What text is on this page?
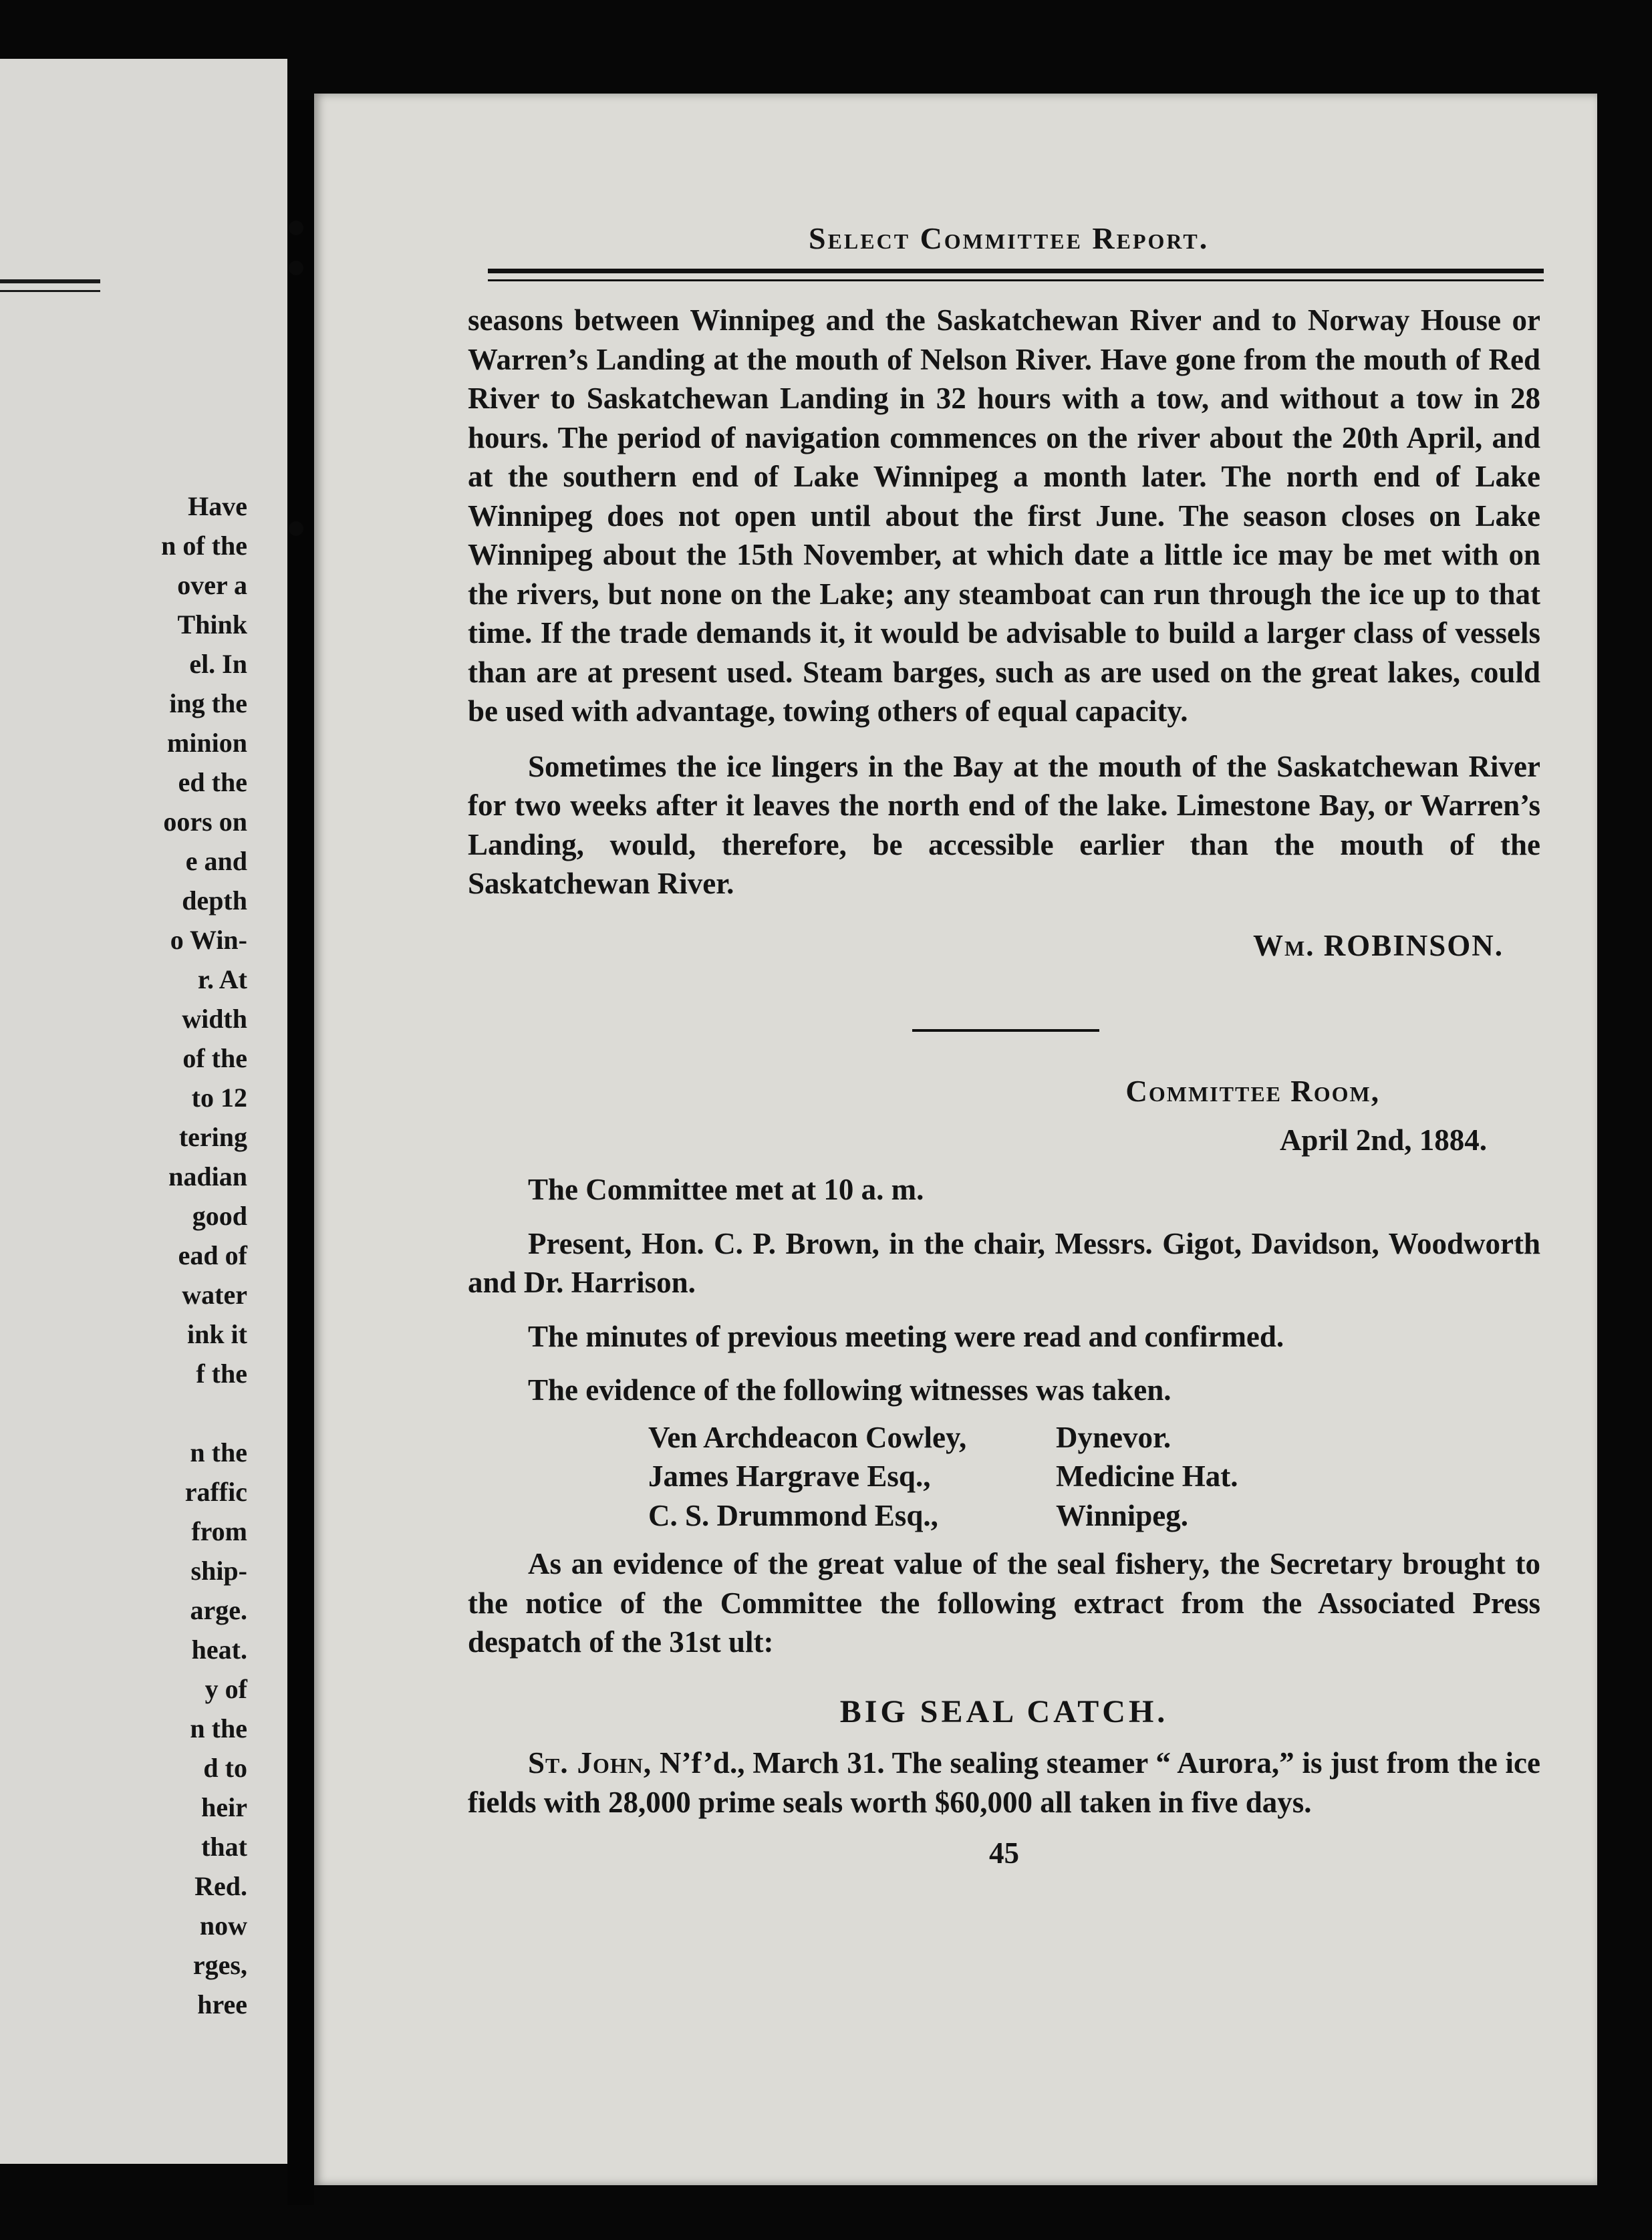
Have
n of the
over a
Think
el. In
ing the
minion
ed the
oors on
e and
depth
o Win-
r. At
width
of the
to 12
tering
nadian
good
ead of
water
ink it
f the
n the
raffic
from
ship-
arge.
heat.
y of
n the
d to
heir
that
Red.
now
rges,
hree
Select Committee Report.
seasons between Winnipeg and the Saskatchewan River and to Norway House or Warren’s Landing at the mouth of Nelson River. Have gone from the mouth of Red River to Saskatchewan Landing in 32 hours with a tow, and without a tow in 28 hours. The period of navigation commences on the river about the 20th April, and at the southern end of Lake Winnipeg a month later. The north end of Lake Winnipeg does not open until about the first June. The season closes on Lake Winnipeg about the 15th November, at which date a little ice may be met with on the rivers, but none on the Lake; any steamboat can run through the ice up to that time. If the trade demands it, it would be advisable to build a larger class of vessels than are at present used. Steam barges, such as are used on the great lakes, could be used with advantage, towing others of equal capacity.
Sometimes the ice lingers in the Bay at the mouth of the Saskatchewan River for two weeks after it leaves the north end of the lake. Limestone Bay, or Warren’s Landing, would, therefore, be accessible earlier than the mouth of the Saskatchewan River.
Wm. ROBINSON.
Committee Room,
April 2nd, 1884.
The Committee met at 10 a. m.
Present, Hon. C. P. Brown, in the chair, Messrs. Gigot, Davidson, Woodworth and Dr. Harrison.
The minutes of previous meeting were read and confirmed.
The evidence of the following witnesses was taken.
Ven Archdeacon Cowley,	Dynevor.
James Hargrave Esq.,	Medicine Hat.
C. S. Drummond Esq.,	Winnipeg.
As an evidence of the great value of the seal fishery, the Secretary brought to the notice of the Committee the following extract from the Associated Press despatch of the 31st ult:
BIG SEAL CATCH.
St. John, N’f’d., March 31. The sealing steamer “ Aurora,” is just from the ice fields with 28,000 prime seals worth $60,000 all taken in five days.
45
